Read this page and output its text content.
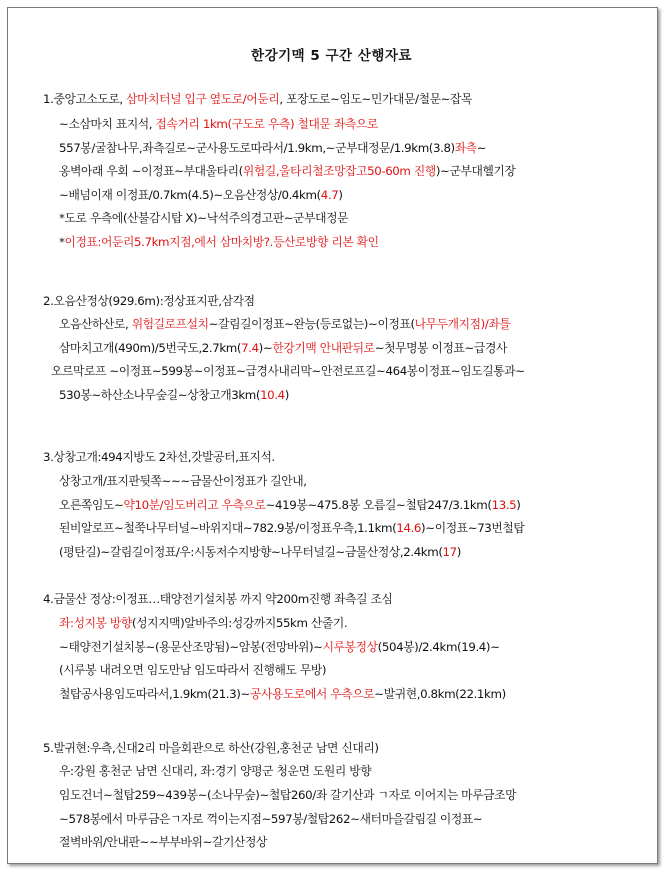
한강기맥 5 구간 산행자료
1.중앙고소도로, 삼마치터널 입구 옆도로/어둔리, 포장도로~임도~민가대문/철문~잡목
~소삼마치 표지석, 접속거리 1km(구도로 우측) 철대문 좌측으로
557봉/굴참나무,좌측길로~군사용도로따라서/1.9km,~군부대정문/1.9km(3.8)좌측~
옹벽아래 우회 ~이정표~부대울타리(위험길,울타리철조망잡고50-60m 진행)~군부대헬기장
~배넘이재 이정표/0.7km(4.5)~오음산정상/0.4km(4.7)
*도로 우측에(산불감시탑 X)~낙석주의경고판~군부대정문
*이정표:어둔리5.7km지점,에서 삼마치방?.등산로방향 리본 확인
2.오음산정상(929.6m):정상표지판,삼각점
오음산하산로, 위험길로프설치~갈림길이정표~완능(등로없는)~이정표(나무두개지점)/좌틀
삼마치고개(490m)/5번국도,2.7km(7.4)~한강기맥 안내판뒤로~첫무명봉 이정표~급경사
오르막로프 ~이정표~599봉~이정표~급경사내리막~안전로프길~464봉이정표~임도길통과~
530봉~하산소나무숲길~상창고개3km(10.4)
3.상창고개:494지방도 2차선,갓발공터,표지석.
상창고개/표지판뒷쪽~~~금물산이정표가 길안내,
오른쪽임도~약10분/임도버리고 우측으로~419봉~475.8봉 오름길~철탑247/3.1km(13.5)
된비알로프~철쭉나무터널~바위지대~782.9봉/이정표우측,1.1km(14.6)~이정표~73번철탑
(평탄길)~갈림길이정표/우:시동저수지방향~나무터널길~금물산정상,2.4km(17)
4.금물산 정상:이정표…태양전기설치봉 까지 약200m진행 좌측길 조심
좌:성지봉 방향(성지지맥)알바주의:성강까지55km 산줄기.
~태양전기설치봉~(용문산조망됨)~암봉(전망바위)~시루봉정상(504봉)/2.4km(19.4)~
(시루봉 내려오면 임도만남 임도따라서 진행해도 무방)
철탑공사용임도따라서,1.9km(21.3)~공사용도로에서 우측으로~발귀현,0.8km(22.1km)
5.발귀현:우측,신대2리 마을회관으로 하산(강원,홍천군 남면 신대리)
우:강원 홍천군 남면 신대리, 좌:경기 양평군 청운면 도원리 방향
임도건너~철탑259~439봉~(소나무숲)~철탑260/좌 갈기산과 ㄱ자로 이어지는 마루금조망
~578봉에서 마루금은ㄱ자로 꺽이는지점~597봉/철탑262~새터마을갈림길 이정표~
절벽바위/안내판~~부부바위~갈기산정상
